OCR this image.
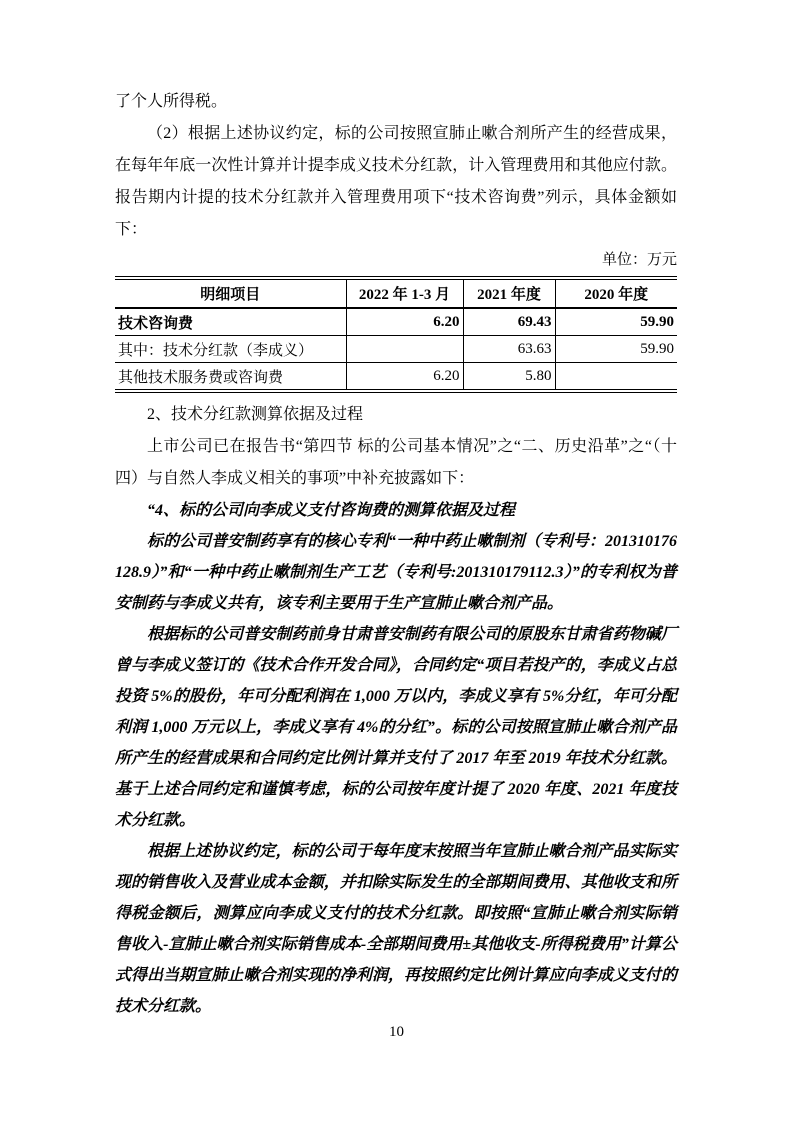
了个人所得税。

（2）根据上述协议约定，标的公司按照宣肺止嗽合剂所产生的经营成果，在每年年底一次性计算并计提李成义技术分红款，计入管理费用和其他应付款。报告期内计提的技术分红款并入管理费用项下“技术咨询费”列示，具体金额如下：

单位：万元

明细项目	2022 年 1-3 月	2021 年度	2020 年度
技术咨询费	6.20	69.43	59.90
其中：技术分红款（李成义）		63.63	59.90
其他技术服务费或咨询费	6.20	5.80	

2、技术分红款测算依据及过程

上市公司已在报告书“第四节 标的公司基本情况”之“二、历史沿革”之“（十四）与自然人李成义相关的事项”中补充披露如下：

“4、标的公司向李成义支付咨询费的测算依据及过程

标的公司普安制药享有的核心专利“一种中药止嗽制剂（专利号：201310176128.9）”和“一种中药止嗽制剂生产工艺（专利号:201310179112.3）”的专利权为普安制药与李成义共有，该专利主要用于生产宣肺止嗽合剂产品。

根据标的公司普安制药前身甘肃普安制药有限公司的原股东甘肃省药物碱厂曾与李成义签订的《技术合作开发合同》，合同约定“项目若投产的，李成义占总投资 5%的股份，年可分配利润在 1,000 万以内，李成义享有 5%分红，年可分配利润 1,000 万元以上，李成义享有 4%的分红”。标的公司按照宣肺止嗽合剂产品所产生的经营成果和合同约定比例计算并支付了 2017 年至 2019 年技术分红款。基于上述合同约定和谨慎考虑，标的公司按年度计提了 2020 年度、2021 年度技术分红款。

根据上述协议约定，标的公司于每年度末按照当年宣肺止嗽合剂产品实际实现的销售收入及营业成本金额，并扣除实际发生的全部期间费用、其他收支和所得税金额后，测算应向李成义支付的技术分红款。即按照“宣肺止嗽合剂实际销售收入-宣肺止嗽合剂实际销售成本-全部期间费用±其他收支-所得税费用”计算公式得出当期宣肺止嗽合剂实现的净利润，再按照约定比例计算应向李成义支付的技术分红款。

10
